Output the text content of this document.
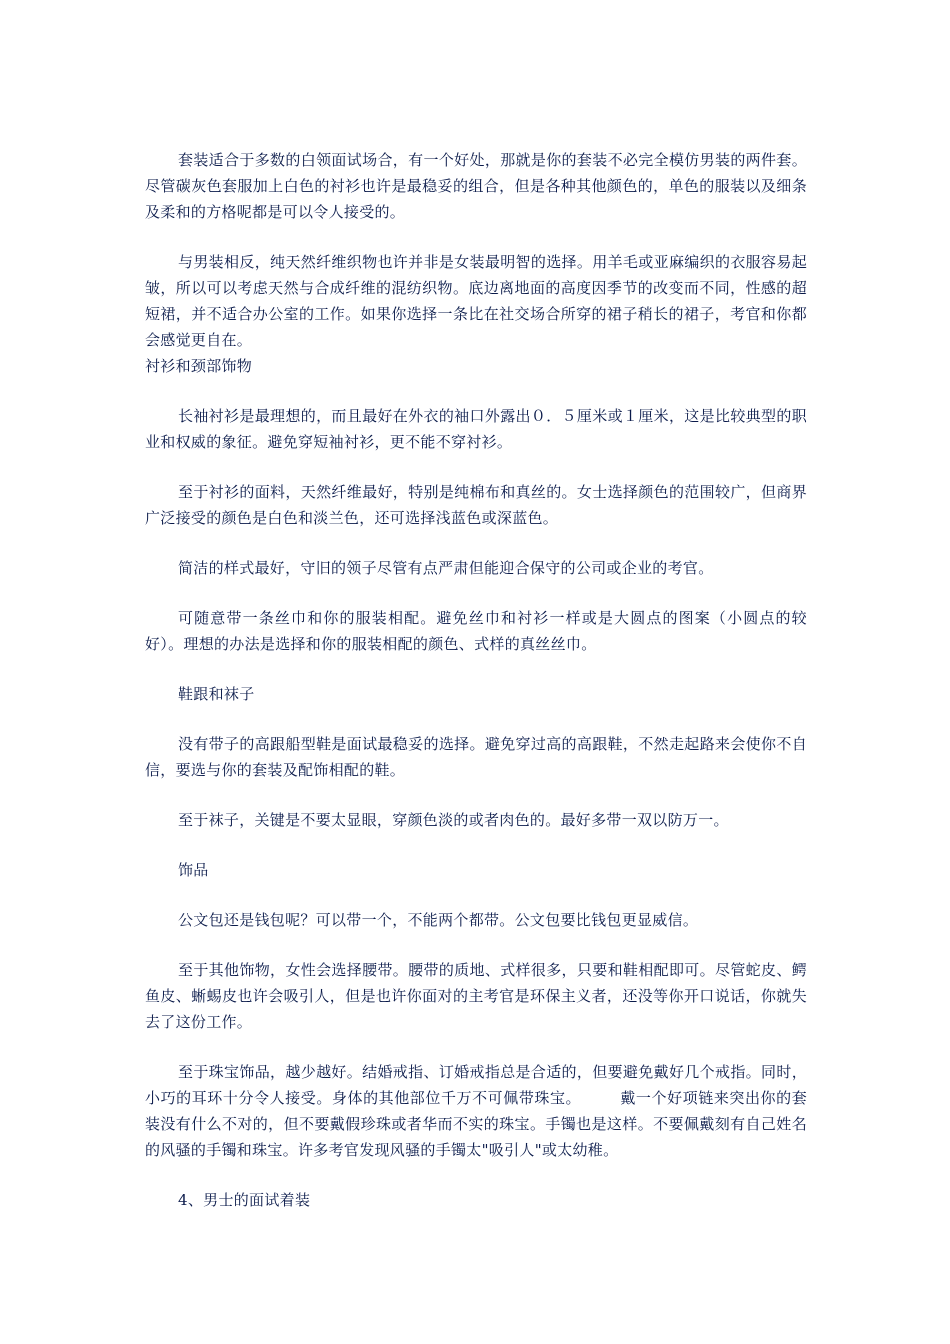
套装适合于多数的白领面试场合，有一个好处，那就是你的套装不必完全模仿男装的两件套。尽管碳灰色套服加上白色的衬衫也许是最稳妥的组合，但是各种其他颜色的，单色的服装以及细条及柔和的方格呢都是可以令人接受的。

与男装相反，纯天然纤维织物也许并非是女装最明智的选择。用羊毛或亚麻编织的衣服容易起皱，所以可以考虑天然与合成纤维的混纺织物。底边离地面的高度因季节的改变而不同，性感的超短裙，并不适合办公室的工作。如果你选择一条比在社交场合所穿的裙子稍长的裙子，考官和你都会感觉更自在。

衬衫和颈部饰物

长袖衬衫是最理想的，而且最好在外衣的袖口外露出０．５厘米或１厘米，这是比较典型的职业和权威的象征。避免穿短袖衬衫，更不能不穿衬衫。

至于衬衫的面料，天然纤维最好，特别是纯棉布和真丝的。女士选择颜色的范围较广，但商界广泛接受的颜色是白色和淡兰色，还可选择浅蓝色或深蓝色。

简洁的样式最好，守旧的领子尽管有点严肃但能迎合保守的公司或企业的考官。

可随意带一条丝巾和你的服装相配。避免丝巾和衬衫一样或是大圆点的图案（小圆点的较好）。理想的办法是选择和你的服装相配的颜色、式样的真丝丝巾。

鞋跟和袜子

没有带子的高跟船型鞋是面试最稳妥的选择。避免穿过高的高跟鞋，不然走起路来会使你不自信，要选与你的套装及配饰相配的鞋。

至于袜子，关键是不要太显眼，穿颜色淡的或者肉色的。最好多带一双以防万一。

饰品

公文包还是钱包呢？可以带一个，不能两个都带。公文包要比钱包更显威信。

至于其他饰物，女性会选择腰带。腰带的质地、式样很多，只要和鞋相配即可。尽管蛇皮、鳄鱼皮、蜥蜴皮也许会吸引人，但是也许你面对的主考官是环保主义者，还没等你开口说话，你就失去了这份工作。

至于珠宝饰品，越少越好。结婚戒指、订婚戒指总是合适的，但要避免戴好几个戒指。同时，小巧的耳环十分令人接受。身体的其他部位千万不可佩带珠宝。　　　戴一个好项链来突出你的套装没有什么不对的，但不要戴假珍珠或者华而不实的珠宝。手镯也是这样。不要佩戴刻有自己姓名的风骚的手镯和珠宝。许多考官发现风骚的手镯太"吸引人"或太幼稚。

4、男士的面试着装
